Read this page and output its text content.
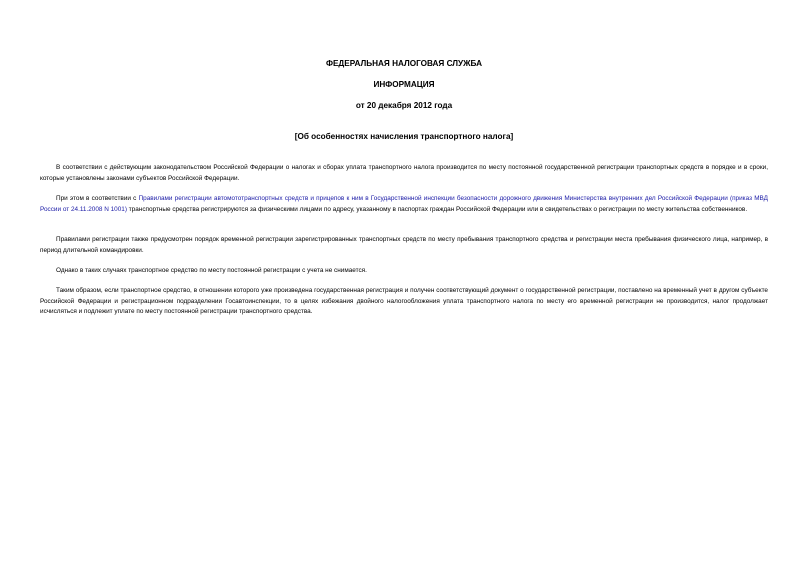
ФЕДЕРАЛЬНАЯ НАЛОГОВАЯ СЛУЖБА
ИНФОРМАЦИЯ
от 20 декабря 2012 года
[Об особенностях начисления транспортного налога]

В соответствии с действующим законодательством Российской Федерации о налогах и сборах уплата транспортного налога производится по месту постоянной государственной регистрации транспортных средств в порядке и в сроки, которые установлены законами субъектов Российской Федерации.

При этом в соответствии с Правилами регистрации автомототранспортных средств и прицепов к ним в Государственной инспекции безопасности дорожного движения Министерства внутренних дел Российской Федерации (приказ МВД России от 24.11.2008 N 1001) транспортные средства регистрируются за физическими лицами по адресу, указанному в паспортах граждан Российской Федерации или в свидетельствах о регистрации по месту жительства собственников.

Правилами регистрации также предусмотрен порядок временной регистрации зарегистрированных транспортных средств по месту пребывания транспортного средства и регистрации места пребывания физического лица, например, в период длительной командировки.

Однако в таких случаях транспортное средство по месту постоянной регистрации с учета не снимается.

Таким образом, если транспортное средство, в отношении которого уже произведена государственная регистрация и получен соответствующий документ о государственной регистрации, поставлено на временный учет в другом субъекте Российской Федерации и регистрационном подразделении Госавтоинспекции, то в целях избежания двойного налогообложения уплата транспортного налога по месту его временной регистрации не производится, налог продолжает исчисляться и подлежит уплате по месту постоянной регистрации транспортного средства.
